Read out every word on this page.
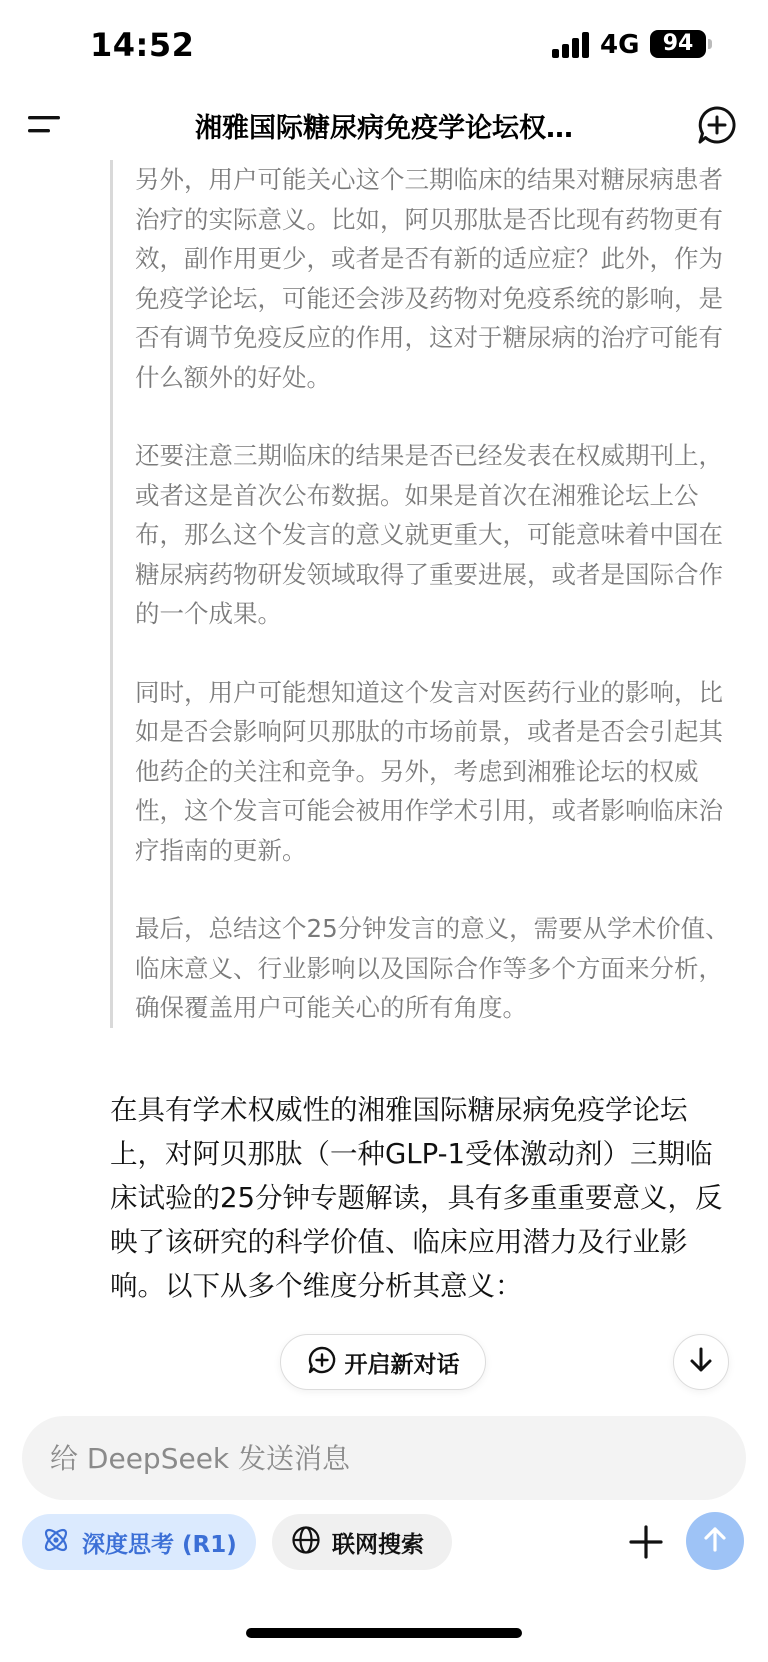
14:52	4G	94
湘雅国际糖尿病免疫学论坛权…

另外，用户可能关心这个三期临床的结果对糖尿病患者治疗的实际意义。比如，阿贝那肽是否比现有药物更有效，副作用更少，或者是否有新的适应症？此外，作为免疫学论坛，可能还会涉及药物对免疫系统的影响，是否有调节免疫反应的作用，这对于糖尿病的治疗可能有什么额外的好处。

还要注意三期临床的结果是否已经发表在权威期刊上，或者这是首次公布数据。如果是首次在湘雅论坛上公布，那么这个发言的意义就更重大，可能意味着中国在糖尿病药物研发领域取得了重要进展，或者是国际合作的一个成果。

同时，用户可能想知道这个发言对医药行业的影响，比如是否会影响阿贝那肽的市场前景，或者是否会引起其他药企的关注和竞争。另外，考虑到湘雅论坛的权威性，这个发言可能会被用作学术引用，或者影响临床治疗指南的更新。

最后，总结这个25分钟发言的意义，需要从学术价值、临床意义、行业影响以及国际合作等多个方面来分析，确保覆盖用户可能关心的所有角度。

在具有学术权威性的湘雅国际糖尿病免疫学论坛上，对阿贝那肽（一种GLP-1受体激动剂）三期临床试验的25分钟专题解读，具有多重重要意义，反映了该研究的科学价值、临床应用潜力及行业影响。以下从多个维度分析其意义：
开启新对话
给 DeepSeek 发送消息
深度思考 (R1)	联网搜索
